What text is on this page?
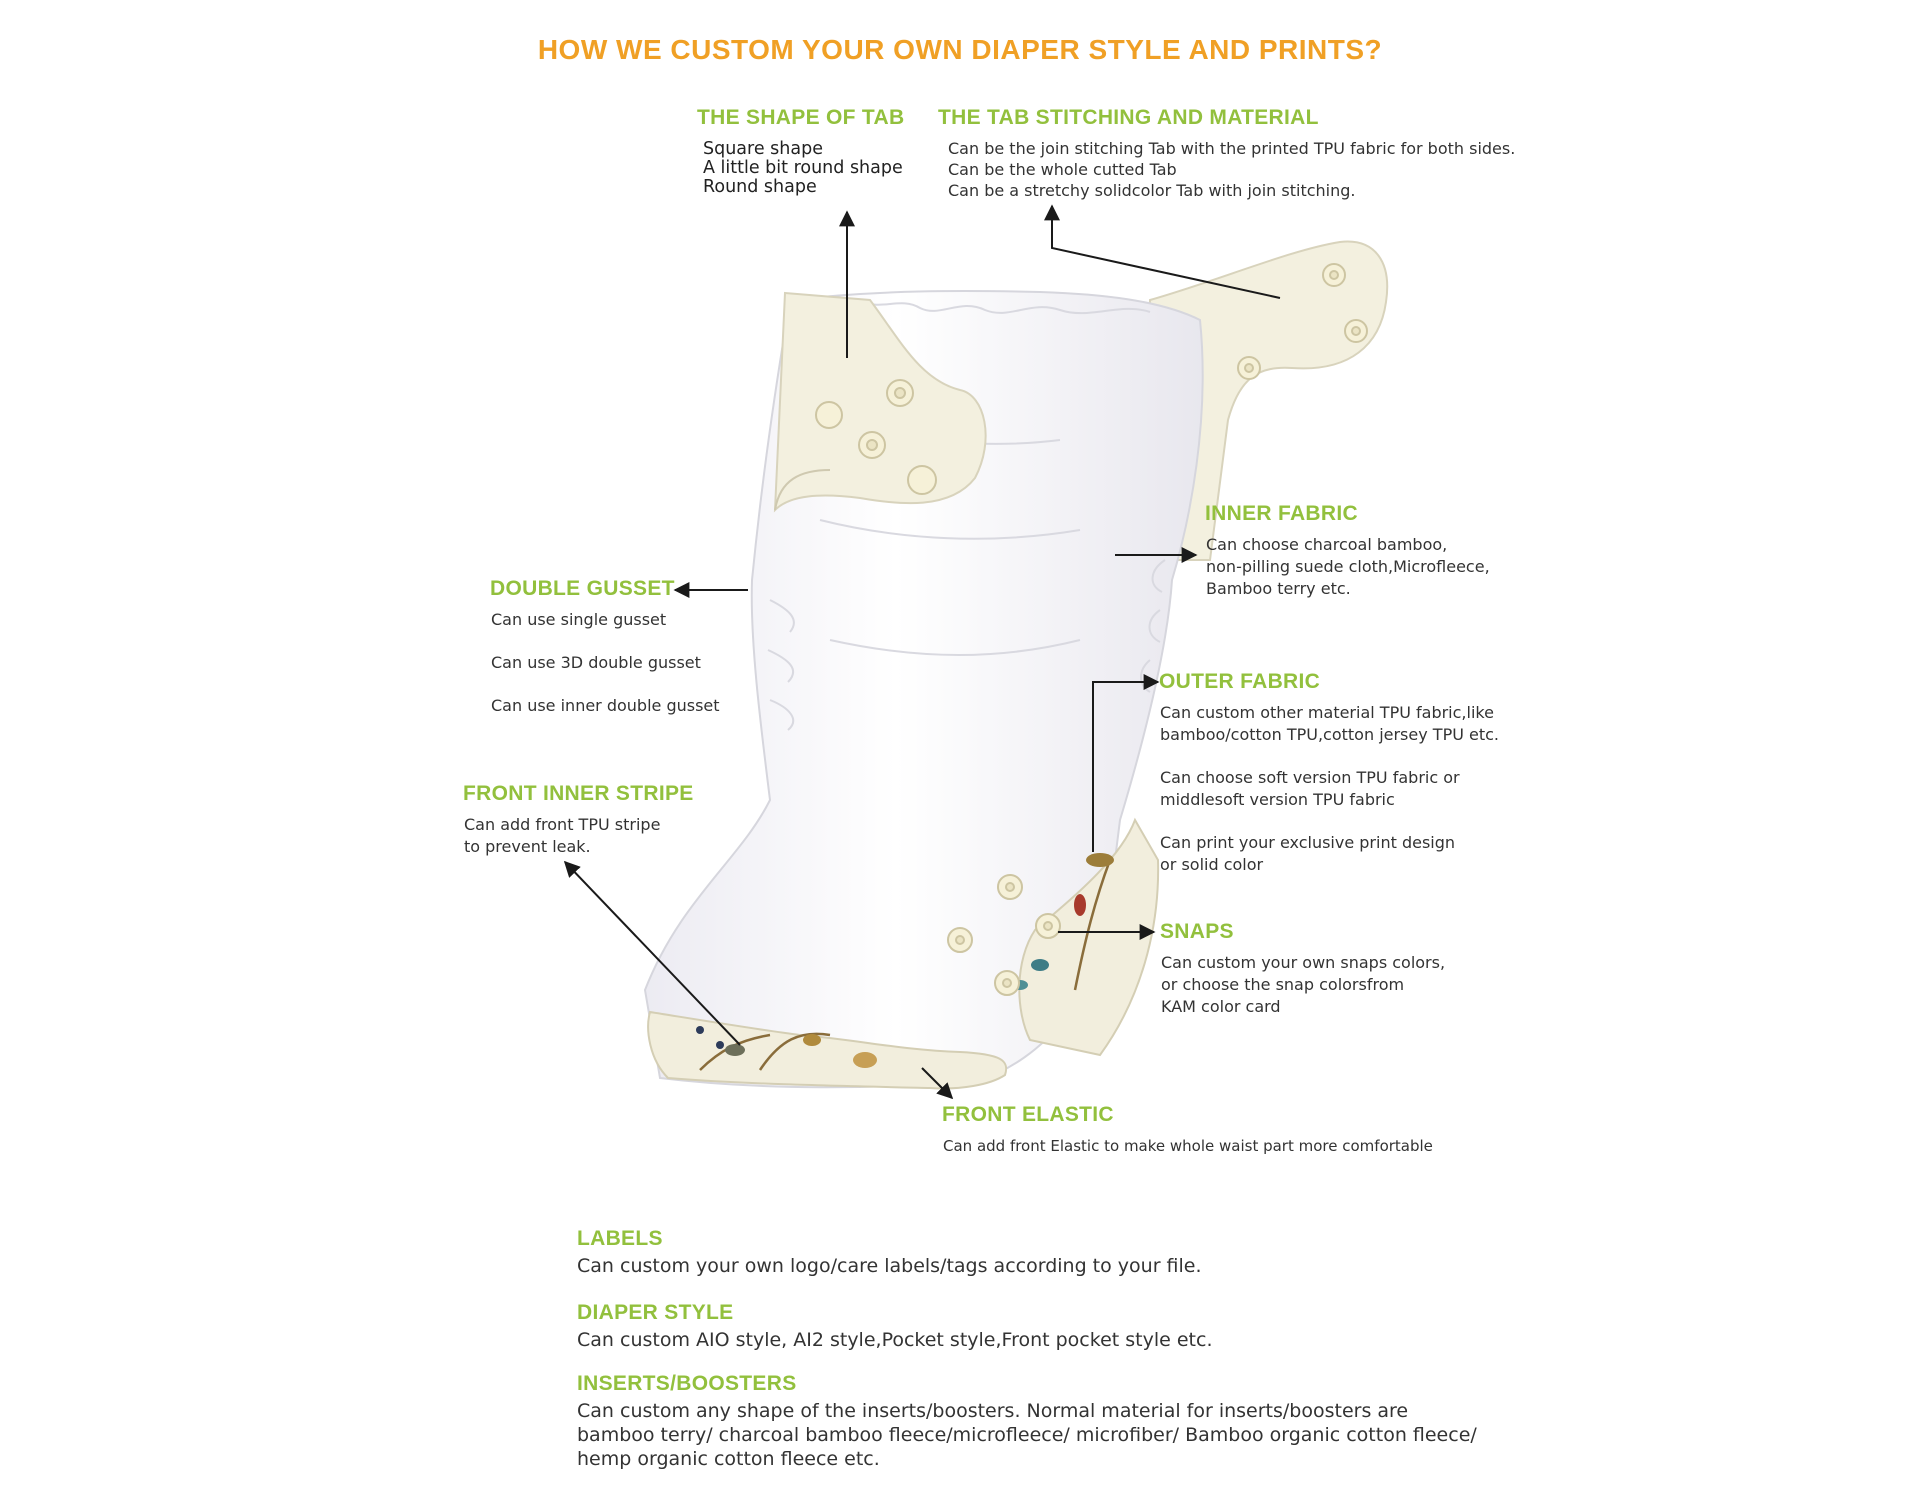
HOW WE CUSTOM YOUR OWN DIAPER STYLE AND PRINTS?
THE SHAPE OF TAB
Square shape
A little bit round shape
Round shape
THE TAB STITCHING AND MATERIAL
Can be the join stitching Tab with the printed TPU fabric for both sides.
Can be the whole cutted Tab
Can be a stretchy solidcolor Tab with join stitching.
INNER FABRIC
Can choose charcoal bamboo,
non-pilling suede cloth,Microfleece,
Bamboo terry etc.
DOUBLE GUSSET
Can use single gusset
Can use 3D double gusset
Can use inner double gusset
OUTER FABRIC
Can custom other material TPU fabric,like
bamboo/cotton TPU,cotton jersey TPU etc.
Can choose soft version TPU fabric or
middlesoft version TPU fabric
Can print your exclusive print design
or solid color
FRONT INNER STRIPE
Can add front TPU stripe
to prevent leak.
SNAPS
Can custom your own snaps colors,
or choose the snap colorsfrom
KAM color card
FRONT ELASTIC
Can add front Elastic to make whole waist part more comfortable
LABELS
Can custom your own logo/care labels/tags according to your file.
DIAPER STYLE
Can custom AIO style, AI2 style,Pocket style,Front pocket style etc.
INSERTS/BOOSTERS
Can custom any shape of the inserts/boosters. Normal material for inserts/boosters are bamboo terry/ charcoal bamboo fleece/microfleece/ microfiber/ Bamboo organic cotton fleece/ hemp organic cotton fleece etc.
